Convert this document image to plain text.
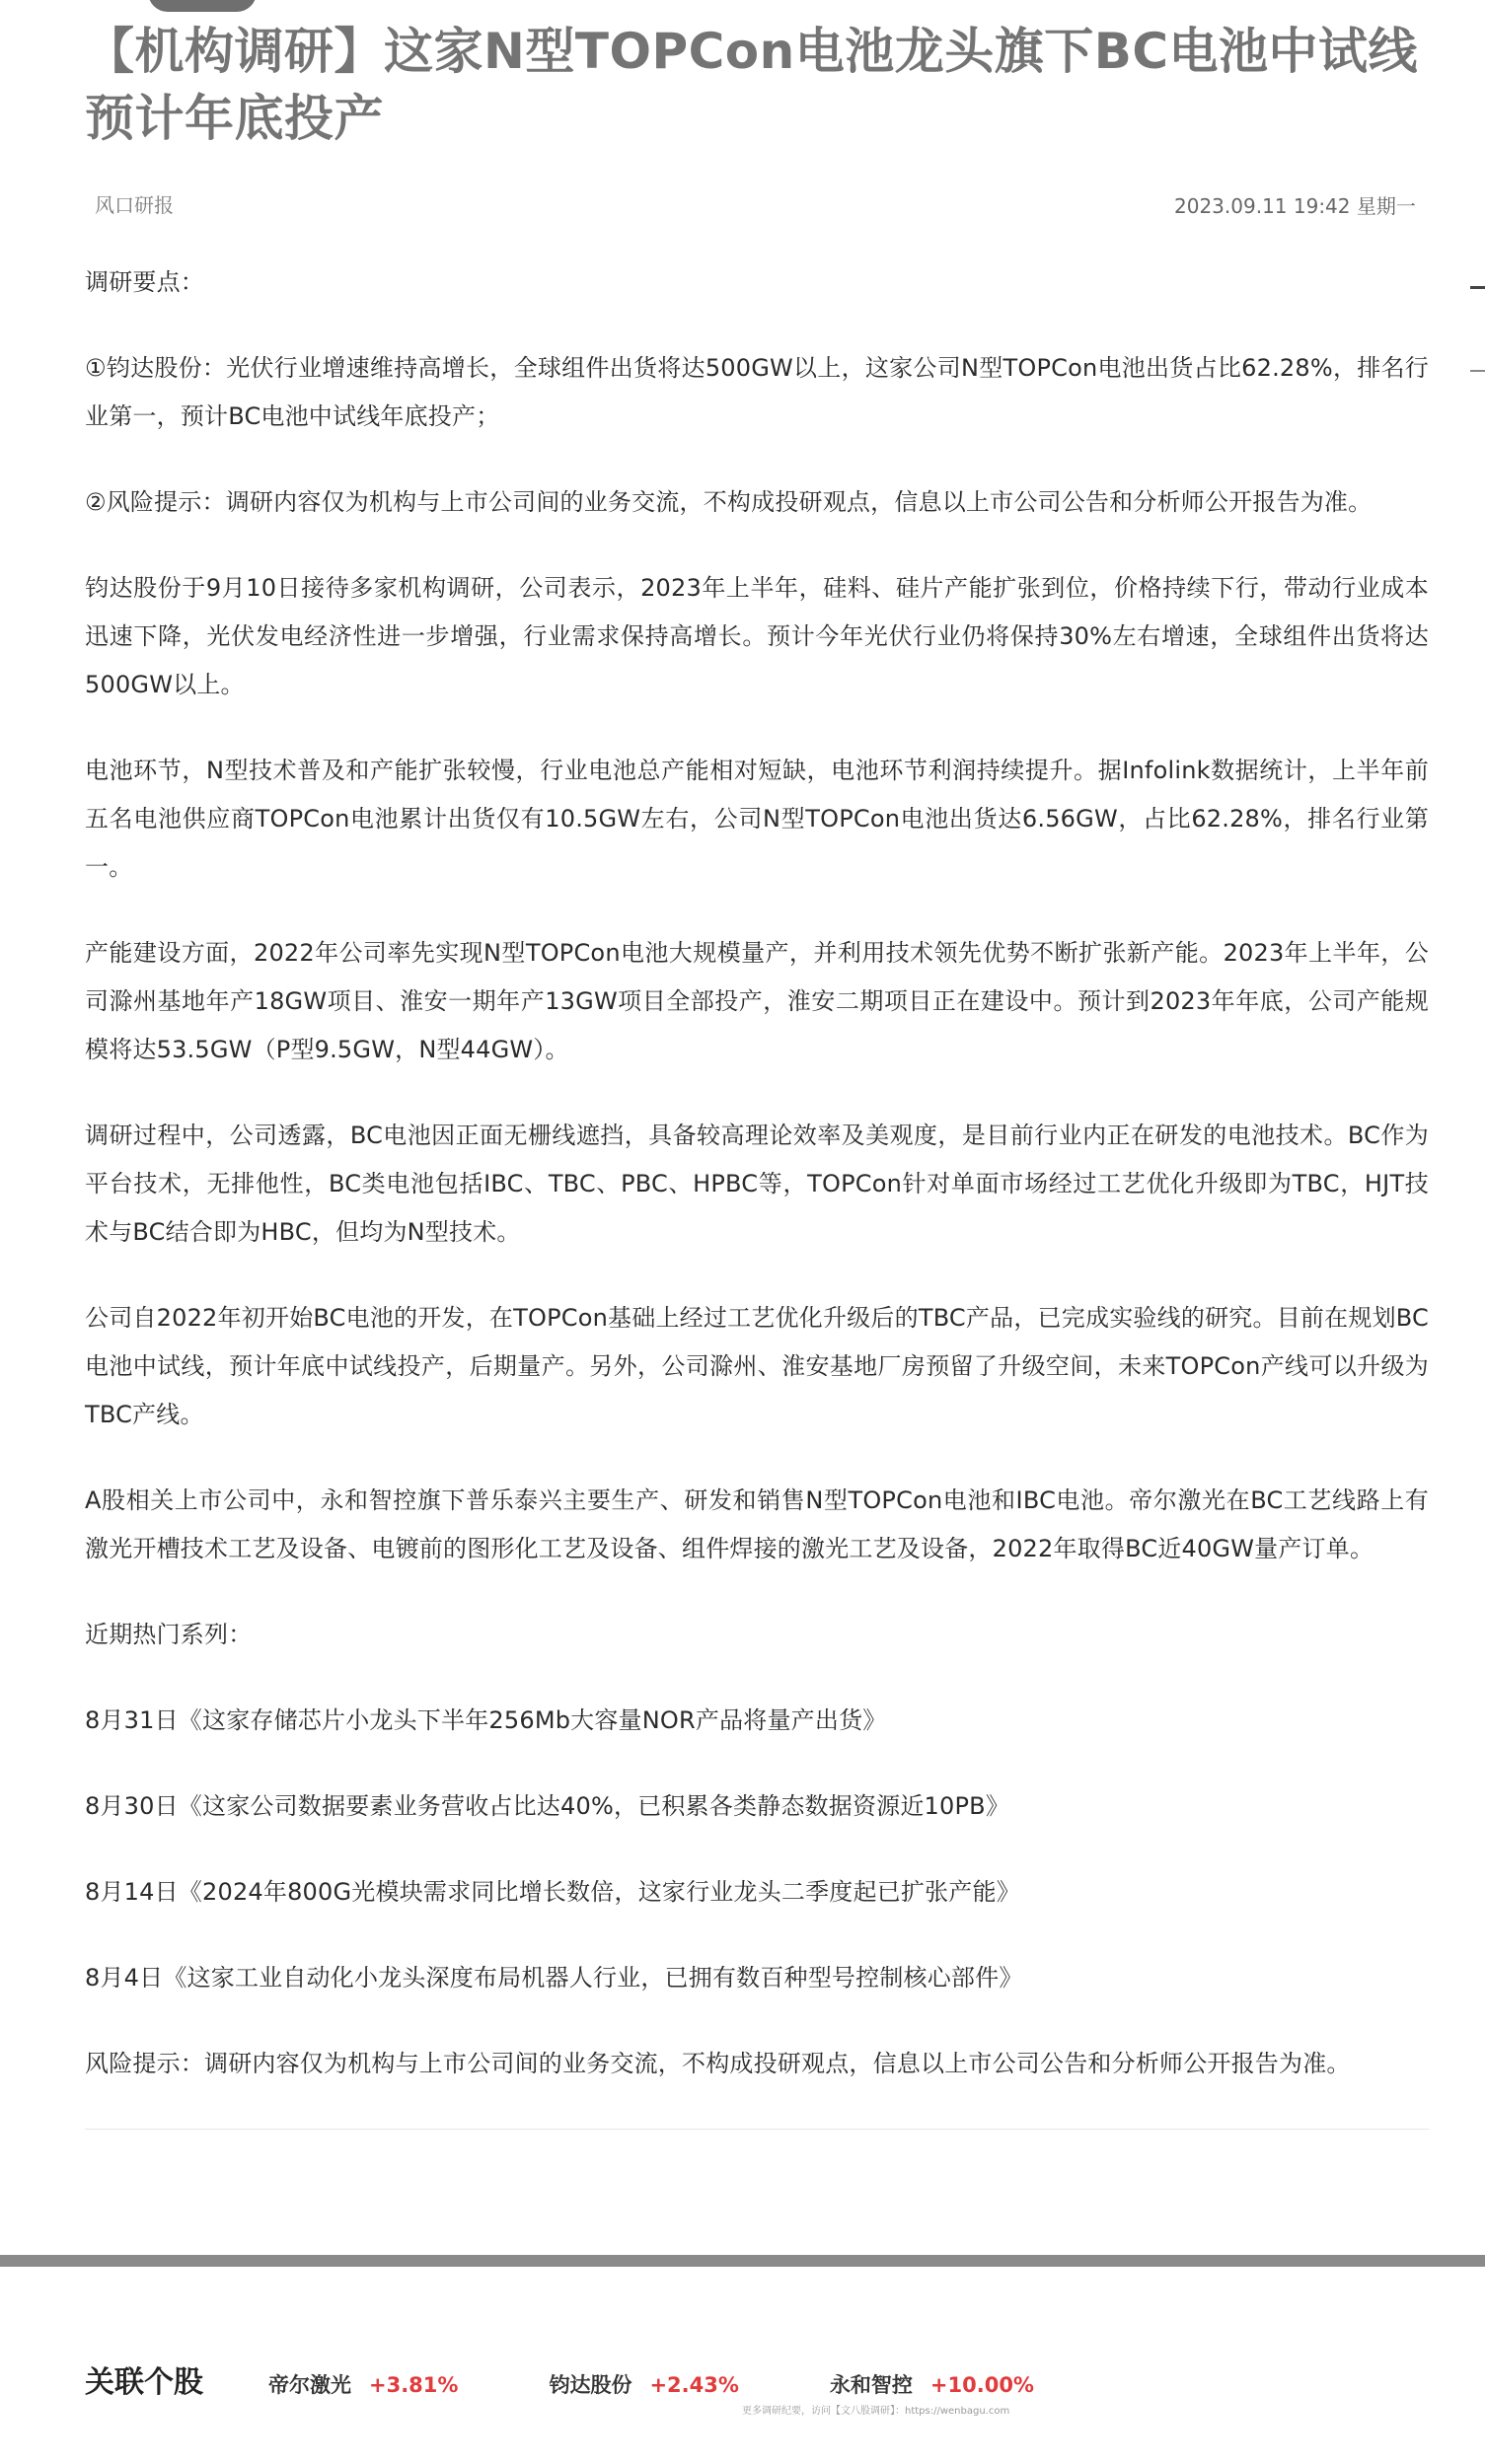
【机构调研】这家N型TOPCon电池龙头旗下BC电池中试线预计年底投产
风口研报	2023.09.11 19:42 星期一

调研要点：

①钧达股份：光伏行业增速维持高增长，全球组件出货将达500GW以上，这家公司N型TOPCon电池出货占比62.28%，排名行业第一，预计BC电池中试线年底投产；

②风险提示：调研内容仅为机构与上市公司间的业务交流，不构成投研观点，信息以上市公司公告和分析师公开报告为准。

钧达股份于9月10日接待多家机构调研，公司表示，2023年上半年，硅料、硅片产能扩张到位，价格持续下行，带动行业成本迅速下降，光伏发电经济性进一步增强，行业需求保持高增长。预计今年光伏行业仍将保持30%左右增速，全球组件出货将达500GW以上。

电池环节，N型技术普及和产能扩张较慢，行业电池总产能相对短缺，电池环节利润持续提升。据Infolink数据统计，上半年前五名电池供应商TOPCon电池累计出货仅有10.5GW左右，公司N型TOPCon电池出货达6.56GW，占比62.28%，排名行业第一。

产能建设方面，2022年公司率先实现N型TOPCon电池大规模量产，并利用技术领先优势不断扩张新产能。2023年上半年，公司滁州基地年产18GW项目、淮安一期年产13GW项目全部投产，淮安二期项目正在建设中。预计到2023年年底，公司产能规模将达53.5GW（P型9.5GW，N型44GW）。

调研过程中，公司透露，BC电池因正面无栅线遮挡，具备较高理论效率及美观度，是目前行业内正在研发的电池技术。BC作为平台技术，无排他性，BC类电池包括IBC、TBC、PBC、HPBC等，TOPCon针对单面市场经过工艺优化升级即为TBC，HJT技术与BC结合即为HBC，但均为N型技术。

公司自2022年初开始BC电池的开发，在TOPCon基础上经过工艺优化升级后的TBC产品，已完成实验线的研究。目前在规划BC电池中试线，预计年底中试线投产，后期量产。另外，公司滁州、淮安基地厂房预留了升级空间，未来TOPCon产线可以升级为TBC产线。

A股相关上市公司中，永和智控旗下普乐泰兴主要生产、研发和销售N型TOPCon电池和IBC电池。帝尔激光在BC工艺线路上有激光开槽技术工艺及设备、电镀前的图形化工艺及设备、组件焊接的激光工艺及设备，2022年取得BC近40GW量产订单。

近期热门系列：

8月31日《这家存储芯片小龙头下半年256Mb大容量NOR产品将量产出货》

8月30日《这家公司数据要素业务营收占比达40%，已积累各类静态数据资源近10PB》

8月14日《2024年800G光模块需求同比增长数倍，这家行业龙头二季度起已扩张产能》

8月4日《这家工业自动化小龙头深度布局机器人行业，已拥有数百种型号控制核心部件》

风险提示：调研内容仅为机构与上市公司间的业务交流，不构成投研观点，信息以上市公司公告和分析师公开报告为准。

关联个股	帝尔激光 +3.81%	钧达股份 +2.43%	永和智控 +10.00%
更多调研纪要，访问【文八股调研】：https://wenbagu.com
